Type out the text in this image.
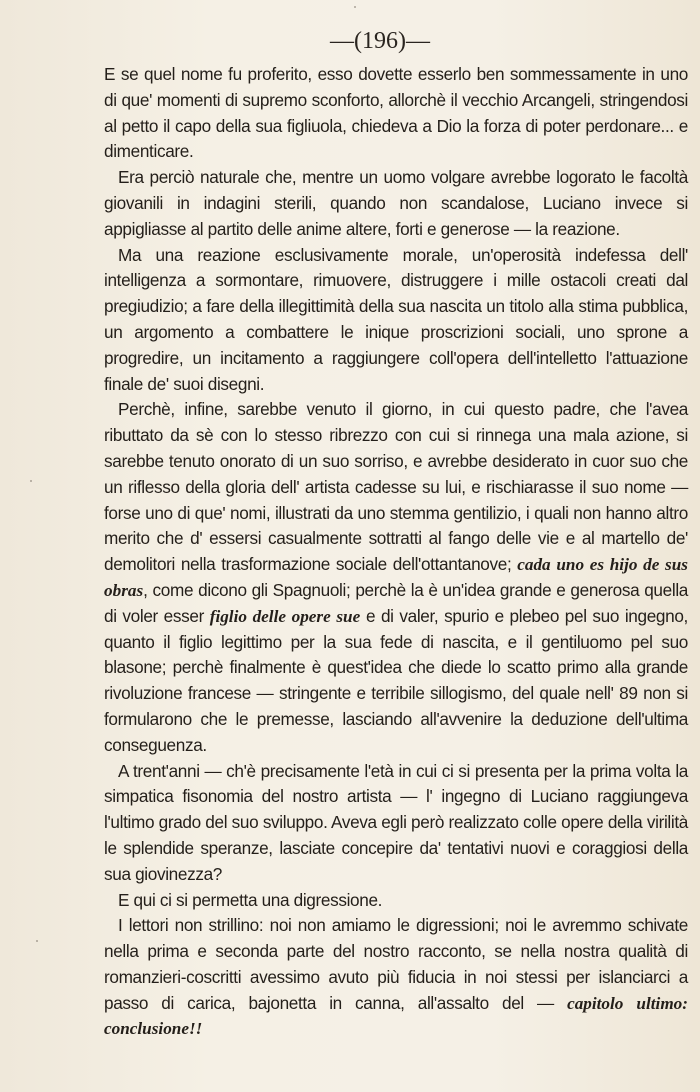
—(196)—

E se quel nome fu proferito, esso dovette esserlo ben sommessamente in uno di que' momenti di supremo sconforto, allorchè il vecchio Arcangeli, stringendosi al petto il capo della sua figliuola, chiedeva a Dio la forza di poter perdonare... e dimenticare.

Era perciò naturale che, mentre un uomo volgare avrebbe logorato le facoltà giovanili in indagini sterili, quando non scandalose, Luciano invece si appigliasse al partito delle anime altere, forti e generose — la reazione.

Ma una reazione esclusivamente morale, un'operosità indefessa dell' intelligenza a sormontare, rimuovere, distruggere i mille ostacoli creati dal pregiudizio; a fare della illegittimità della sua nascita un titolo alla stima pubblica, un argomento a combattere le inique proscrizioni sociali, uno sprone a progredire, un incitamento a raggiungere coll'opera dell'intelletto l'attuazione finale de' suoi disegni.

Perchè, infine, sarebbe venuto il giorno, in cui questo padre, che l'avea ributtato da sè con lo stesso ribrezzo con cui si rinnega una mala azione, si sarebbe tenuto onorato di un suo sorriso, e avrebbe desiderato in cuor suo che un riflesso della gloria dell' artista cadesse su lui, e rischiarasse il suo nome — forse uno di que' nomi, illustrati da uno stemma gentilizio, i quali non hanno altro merito che d' essersi casualmente sottratti al fango delle vie e al martello de' demolitori nella trasformazione sociale dell'ottantanove; cada uno es hijo de sus obras, come dicono gli Spagnuoli; perchè la è un'idea grande e generosa quella di voler esser figlio delle opere sue e di valer, spurio e plebeo pel suo ingegno, quanto il figlio legittimo per la sua fede di nascita, e il gentiluomo pel suo blasone; perchè finalmente è quest'idea che diede lo scatto primo alla grande rivoluzione francese — stringente e terribile sillogismo, del quale nell' 89 non si formularono che le premesse, lasciando all'avvenire la deduzione dell'ultima conseguenza.

A trent'anni — ch'è precisamente l'età in cui ci si presenta per la prima volta la simpatica fisonomia del nostro artista — l' ingegno di Luciano raggiungeva l'ultimo grado del suo sviluppo. Aveva egli però realizzato colle opere della virilità le splendide speranze, lasciate concepire da' tentativi nuovi e coraggiosi della sua giovinezza?

E qui ci si permetta una digressione.

I lettori non strillino: noi non amiamo le digressioni; noi le avremmo schivate nella prima e seconda parte del nostro racconto, se nella nostra qualità di romanzieri-coscritti avessimo avuto più fiducia in noi stessi per islanciarci a passo di carica, bajonetta in canna, all'assalto del — capitolo ultimo: conclusione!!
